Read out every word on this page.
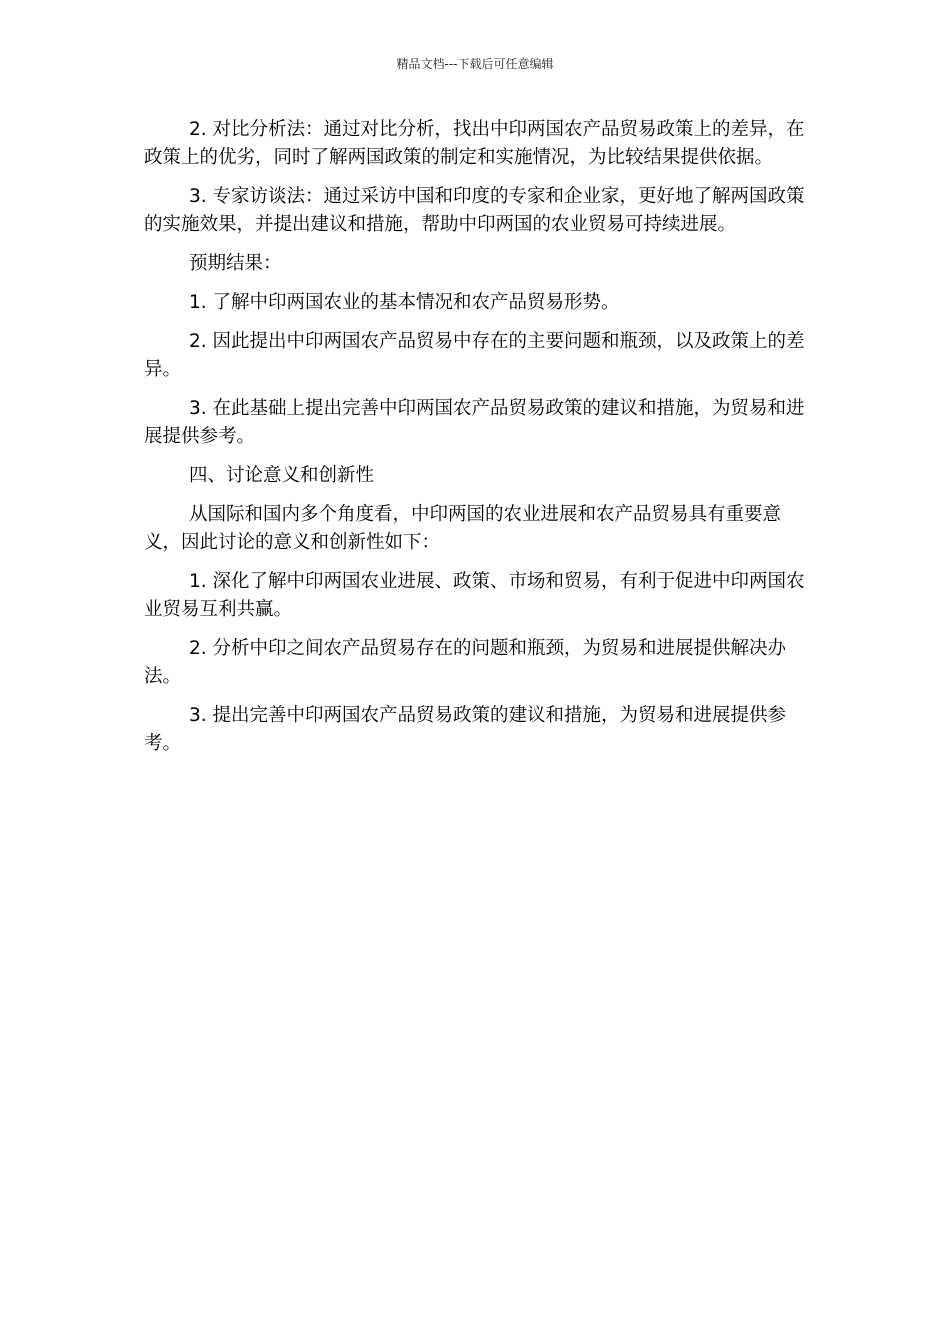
精品文档---下载后可任意编辑

2. 对比分析法：通过对比分析，找出中印两国农产品贸易政策上的差异，在政策上的优劣，同时了解两国政策的制定和实施情况，为比较结果提供依据。

3. 专家访谈法：通过采访中国和印度的专家和企业家，更好地了解两国政策的实施效果，并提出建议和措施，帮助中印两国的农业贸易可持续进展。

预期结果：

1. 了解中印两国农业的基本情况和农产品贸易形势。

2. 因此提出中印两国农产品贸易中存在的主要问题和瓶颈，以及政策上的差异。

3. 在此基础上提出完善中印两国农产品贸易政策的建议和措施，为贸易和进展提供参考。

四、讨论意义和创新性

从国际和国内多个角度看，中印两国的农业进展和农产品贸易具有重要意义，因此讨论的意义和创新性如下：

1. 深化了解中印两国农业进展、政策、市场和贸易，有利于促进中印两国农业贸易互利共赢。

2. 分析中印之间农产品贸易存在的问题和瓶颈，为贸易和进展提供解决办法。

3. 提出完善中印两国农产品贸易政策的建议和措施，为贸易和进展提供参考。
